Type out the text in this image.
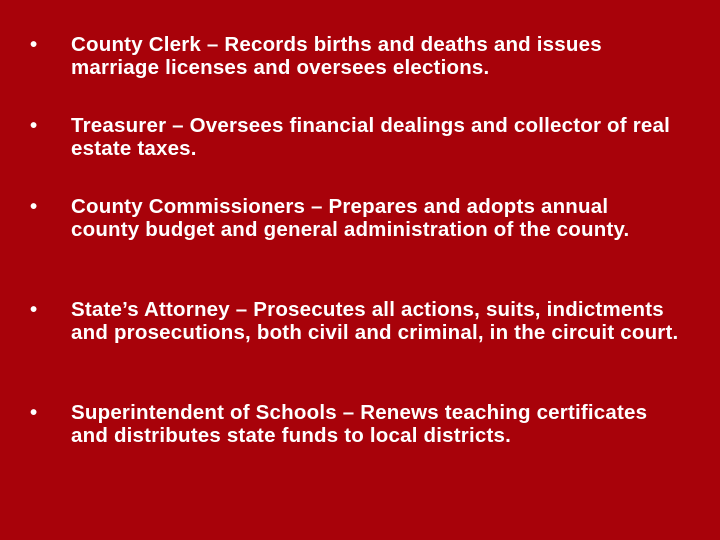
•	County Clerk – Records births and deaths and issues marriage licenses and oversees elections.
•	Treasurer – Oversees financial dealings and collector of real estate taxes.
•	County Commissioners – Prepares and adopts annual county budget and general administration of the county.
•	State’s Attorney – Prosecutes all actions, suits, indictments and prosecutions, both civil and criminal, in the circuit court.
•	Superintendent of Schools – Renews teaching certificates and distributes state funds to local districts.
